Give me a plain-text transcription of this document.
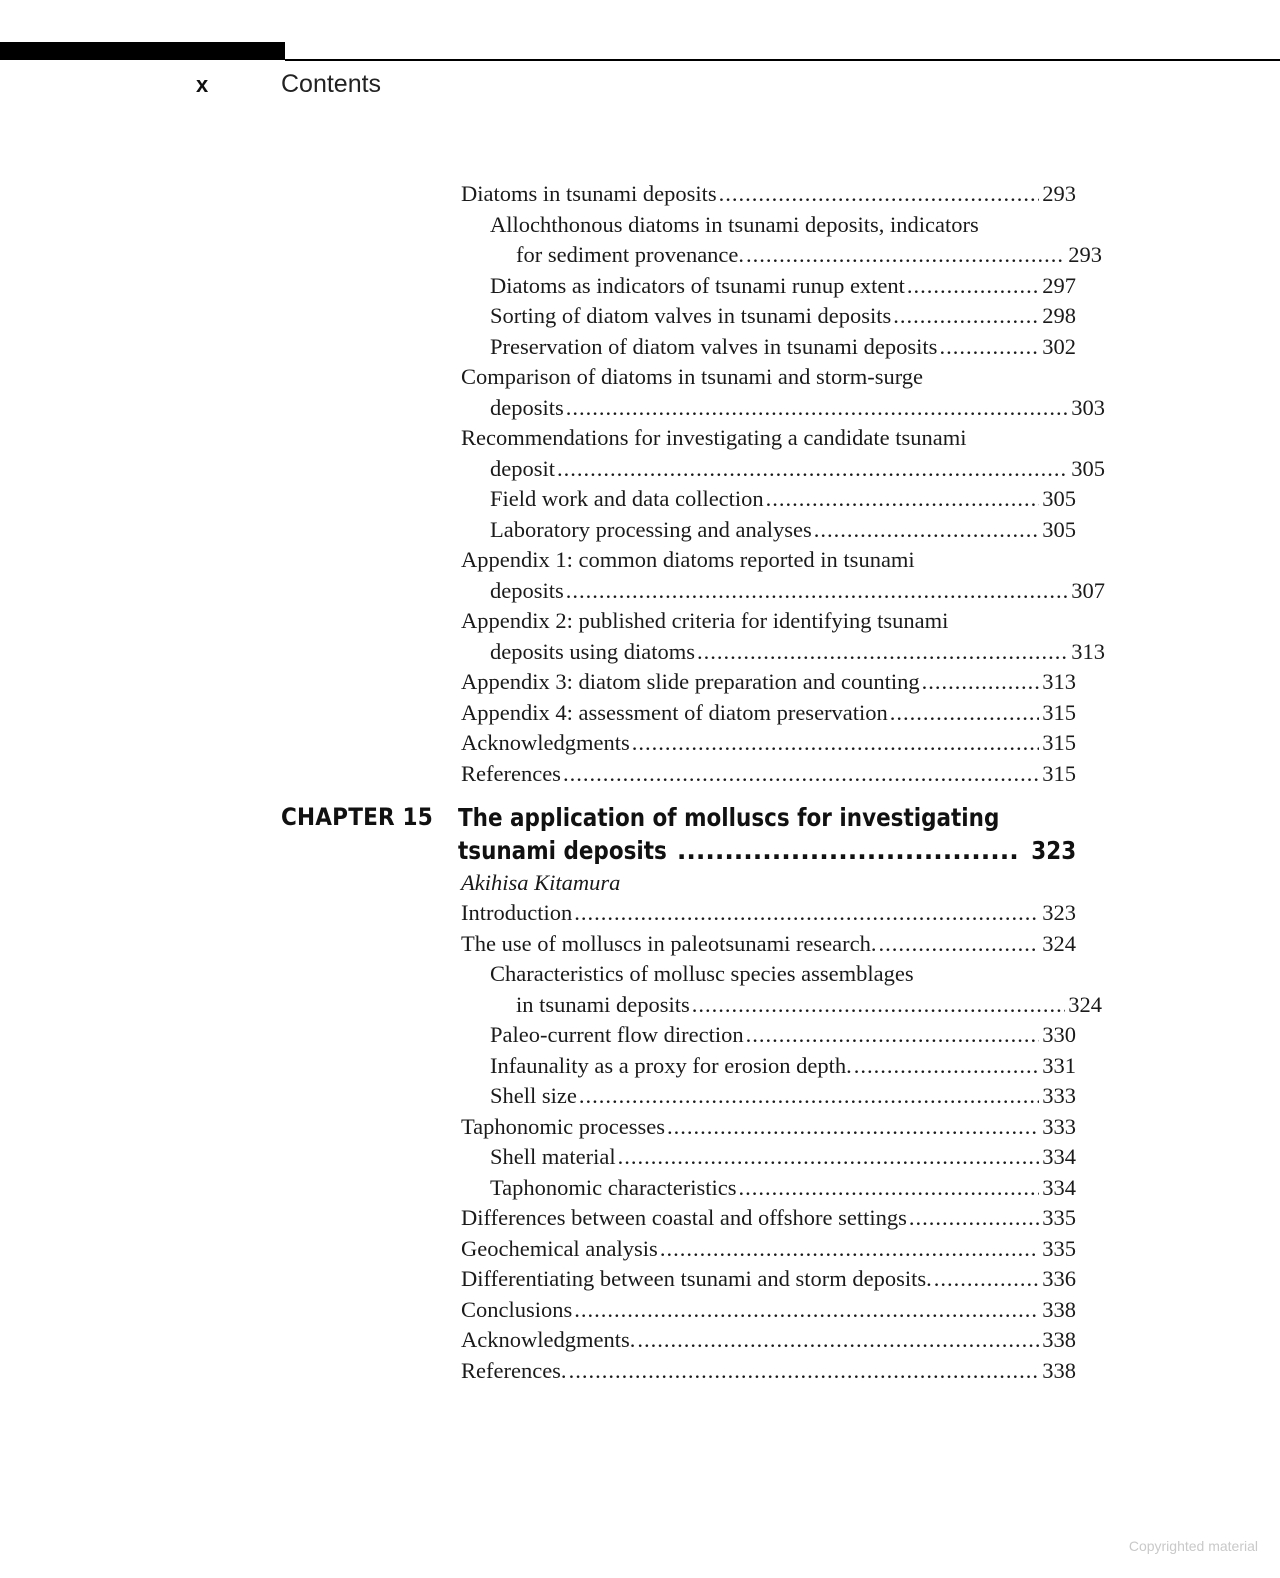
x	Contents
Diatoms in tsunami deposits .....	293
Allochthonous diatoms in tsunami deposits, indicators
for sediment provenance. .....	293
Diatoms as indicators of tsunami runup extent .....	297
Sorting of diatom valves in tsunami deposits .....	298
Preservation of diatom valves in tsunami deposits .....	302
Comparison of diatoms in tsunami and storm-surge
deposits .....	303
Recommendations for investigating a candidate tsunami
deposit .....	305
Field work and data collection .....	305
Laboratory processing and analyses .....	305
Appendix 1: common diatoms reported in tsunami
deposits .....	307
Appendix 2: published criteria for identifying tsunami
deposits using diatoms .....	313
Appendix 3: diatom slide preparation and counting .....	313
Appendix 4: assessment of diatom preservation .....	315
Acknowledgments .....	315
References .....	315
CHAPTER 15 The application of molluscs for investigating
tsunami deposits .....	323
Akihisa Kitamura
Introduction .....	323
The use of molluscs in paleotsunami research. .....	324
Characteristics of mollusc species assemblages
in tsunami deposits .....	324
Paleo-current flow direction .....	330
Infaunality as a proxy for erosion depth. .....	331
Shell size .....	333
Taphonomic processes .....	333
Shell material .....	334
Taphonomic characteristics .....	334
Differences between coastal and offshore settings .....	335
Geochemical analysis .....	335
Differentiating between tsunami and storm deposits. .....	336
Conclusions .....	338
Acknowledgments. .....	338
References. .....	338
Copyrighted material
